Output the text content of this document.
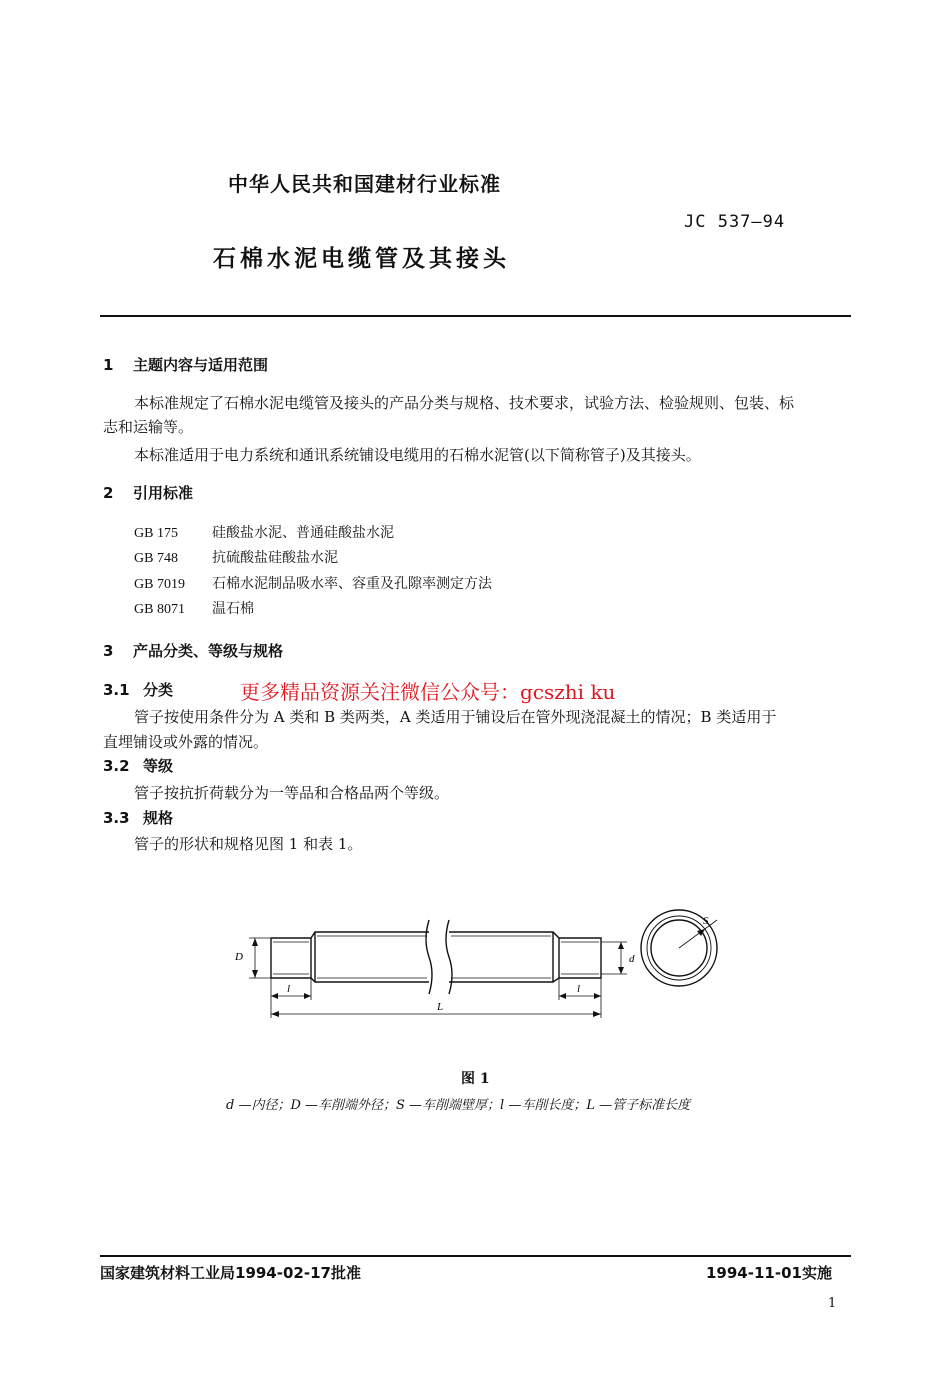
中华人民共和国建材行业标准
JC 537—94
石棉水泥电缆管及其接头
1 主题内容与适用范围
本标准规定了石棉水泥电缆管及接头的产品分类与规格、技术要求，试验方法、检验规则、包装、标
志和运输等。
本标准适用于电力系统和通讯系统铺设电缆用的石棉水泥管(以下简称管子)及其接头。
2 引用标准
GB 175 硅酸盐水泥、普通硅酸盐水泥
GB 748 抗硫酸盐硅酸盐水泥
GB 7019 石棉水泥制品吸水率、容重及孔隙率测定方法
GB 8071 温石棉
3 产品分类、等级与规格
3.1 分类	更多精品资源关注微信公众号：gcszhi ku
管子按使用条件分为 A 类和 B 类两类，A 类适用于铺设后在管外现浇混凝土的情况；B 类适用于
直埋铺设或外露的情况。
3.2 等级
管子按抗折荷载分为一等品和合格品两个等级。
3.3 规格
管子的形状和规格见图 1 和表 1。
D	d
l	l
L
S
图 1
d —内径；D —车削端外径；S —车削端壁厚；l —车削长度；L —管子标准长度
国家建筑材料工业局1994-02-17批准	1994-11-01实施
1
